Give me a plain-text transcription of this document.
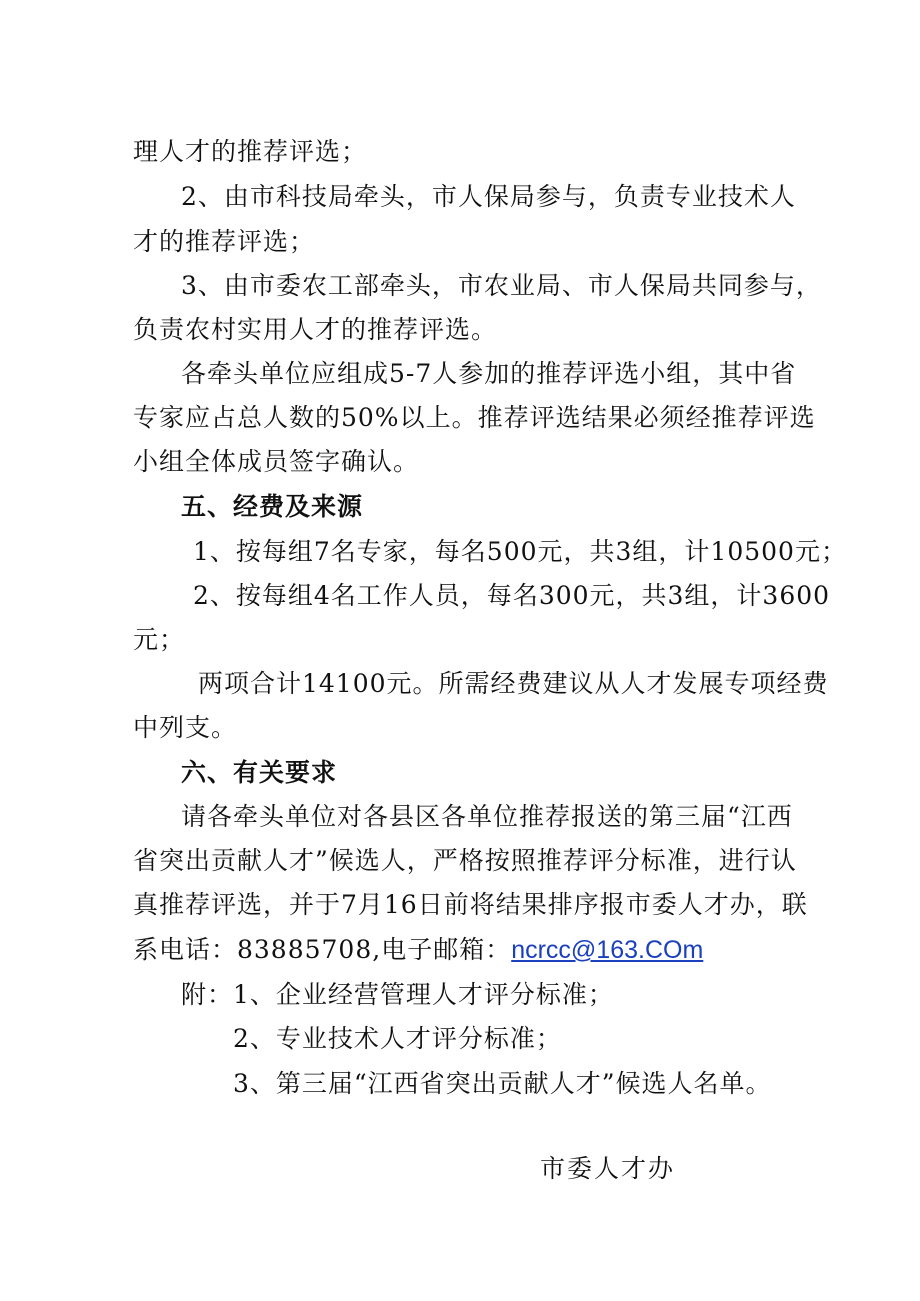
理人才的推荐评选；
2、由市科技局牵头，市人保局参与，负责专业技术人
才的推荐评选；
3、由市委农工部牵头，市农业局、市人保局共同参与，
负责农村实用人才的推荐评选。
各牵头单位应组成5-7人参加的推荐评选小组，其中省
专家应占总人数的50%以上。推荐评选结果必须经推荐评选
小组全体成员签字确认。
五、经费及来源
1、按每组7名专家，每名500元，共3组，计10500元；
2、按每组4名工作人员，每名300元，共3组，计3600
元；
两项合计14100元。所需经费建议从人才发展专项经费
中列支。
六、有关要求
请各牵头单位对各县区各单位推荐报送的第三届“江西
省突出贡献人才”候选人，严格按照推荐评分标准，进行认
真推荐评选，并于7月16日前将结果排序报市委人才办，联
系电话：83885708,电子邮箱：ncrcc@163.COm
附：1、企业经营管理人才评分标准；
2、专业技术人才评分标准；
3、第三届“江西省突出贡献人才”候选人名单。
市委人才办
